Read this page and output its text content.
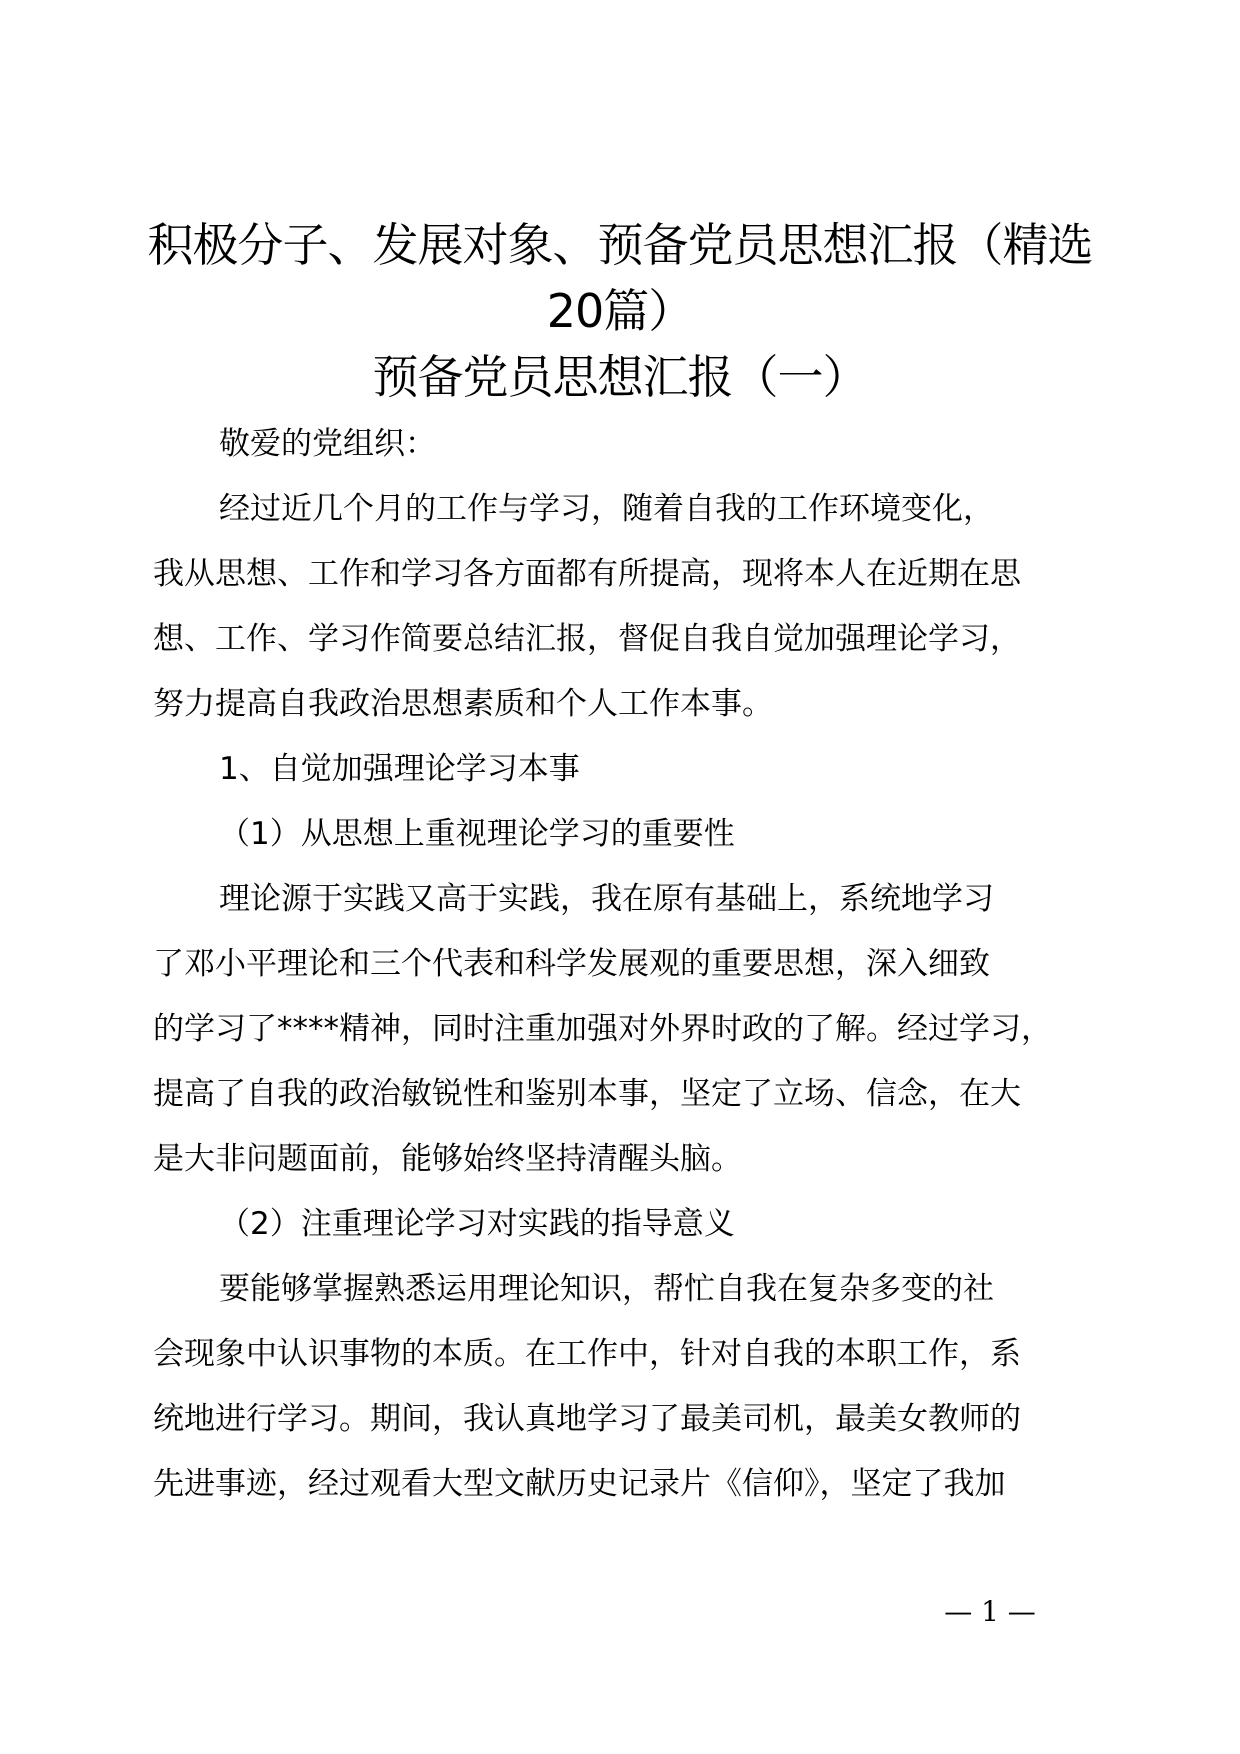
积极分子、发展对象、预备党员思想汇报（精选
20篇）
预备党员思想汇报（一）

敬爱的党组织：

经过近几个月的工作与学习，随着自我的工作环境变化，
我从思想、工作和学习各方面都有所提高，现将本人在近期在思
想、工作、学习作简要总结汇报，督促自我自觉加强理论学习，
努力提高自我政治思想素质和个人工作本事。

1、自觉加强理论学习本事

（1）从思想上重视理论学习的重要性

理论源于实践又高于实践，我在原有基础上，系统地学习
了邓小平理论和三个代表和科学发展观的重要思想，深入细致
的学习了****精神，同时注重加强对外界时政的了解。经过学习，
提高了自我的政治敏锐性和鉴别本事，坚定了立场、信念，在大
是大非问题面前，能够始终坚持清醒头脑。

（2）注重理论学习对实践的指导意义

要能够掌握熟悉运用理论知识，帮忙自我在复杂多变的社
会现象中认识事物的本质。在工作中，针对自我的本职工作，系
统地进行学习。期间，我认真地学习了最美司机，最美女教师的
先进事迹，经过观看大型文献历史记录片《信仰》，坚定了我加

— 1 —
